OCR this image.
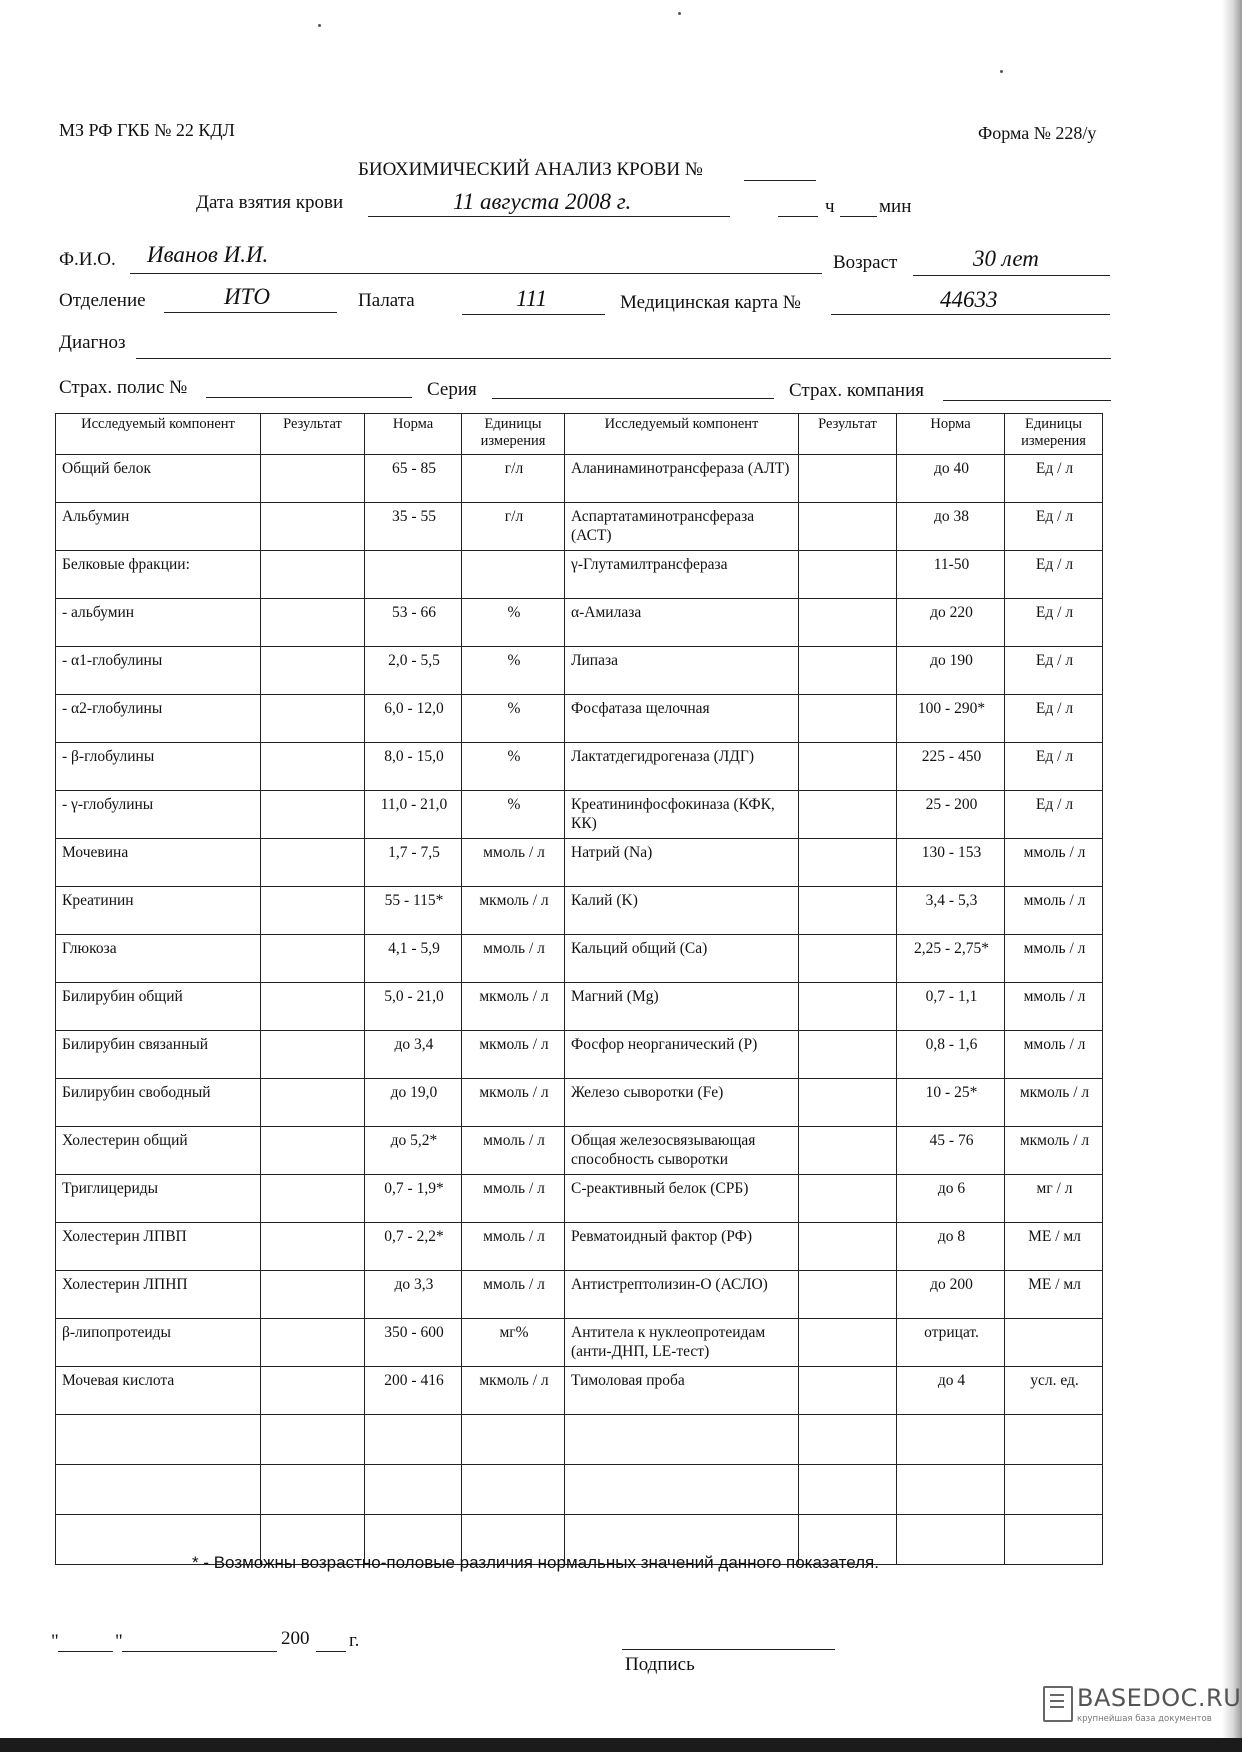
МЗ РФ ГКБ № 22 КДЛ	Форма № 228/у
БИОХИМИЧЕСКИЙ АНАЛИЗ КРОВИ №
Дата взятия крови	11 августа 2008 г.	ч мин
Ф.И.О. Иванов И.И.	Возраст	30 лет
Отделение	ИТО	Палата	111	Медицинская карта №	44633
Диагноз
Страх. полис №	Серия	Страх. компания
Исследуемый компонент	Результат	Норма	Единицы измерения	Исследуемый компонент	Результат	Норма	Единицы измерения
Общий белок		65 - 85	г/л	Аланинаминотрансфераза (АЛТ)		до 40	Ед / л
Альбумин		35 - 55	г/л	Аспартатаминотрансфераза (АСТ)		до 38	Ед / л
Белковые фракции:				γ-Глутамилтрансфераза		11-50	Ед / л
- альбумин		53 - 66	%	α-Амилаза		до 220	Ед / л
- α1-глобулины		2,0 - 5,5	%	Липаза		до 190	Ед / л
- α2-глобулины		6,0 - 12,0	%	Фосфатаза щелочная		100 - 290*	Ед / л
- β-глобулины		8,0 - 15,0	%	Лактатдегидрогеназа (ЛДГ)		225 - 450	Ед / л
- γ-глобулины		11,0 - 21,0	%	Креатининфосфокиназа (КФК, КК)		25 - 200	Ед / л
Мочевина		1,7 - 7,5	ммоль / л	Натрий (Na)		130 - 153	ммоль / л
Креатинин		55 - 115*	мкмоль / л	Калий (K)		3,4 - 5,3	ммоль / л
Глюкоза		4,1 - 5,9	ммоль / л	Кальций общий (Ca)		2,25 - 2,75*	ммоль / л
Билирубин общий		5,0 - 21,0	мкмоль / л	Магний (Mg)		0,7 - 1,1	ммоль / л
Билирубин связанный		до 3,4	мкмоль / л	Фосфор неорганический (P)		0,8 - 1,6	ммоль / л
Билирубин свободный		до 19,0	мкмоль / л	Железо сыворотки (Fe)		10 - 25*	мкмоль / л
Холестерин общий		до 5,2*	ммоль / л	Общая железосвязывающая способность сыворотки		45 - 76	мкмоль / л
Триглицериды		0,7 - 1,9*	ммоль / л	С-реактивный белок (СРБ)		до 6	мг / л
Холестерин ЛПВП		0,7 - 2,2*	ммоль / л	Ревматоидный фактор (РФ)		до 8	МЕ / мл
Холестерин ЛПНП		до 3,3	ммоль / л	Антистрептолизин-О (АСЛО)		до 200	МЕ / мл
β-липопротеиды		350 - 600	мг%	Антитела к нуклеопротеидам (анти-ДНП, LE-тест)		отрицат.	
Мочевая кислота		200 - 416	мкмоль / л	Тимоловая проба		до 4	усл. ед.

* - Возможны возрастно-половые различия нормальных значений данного показателя.
"	"	200 г.
Подпись
BASEDOC.RU
крупнейшая база документов
